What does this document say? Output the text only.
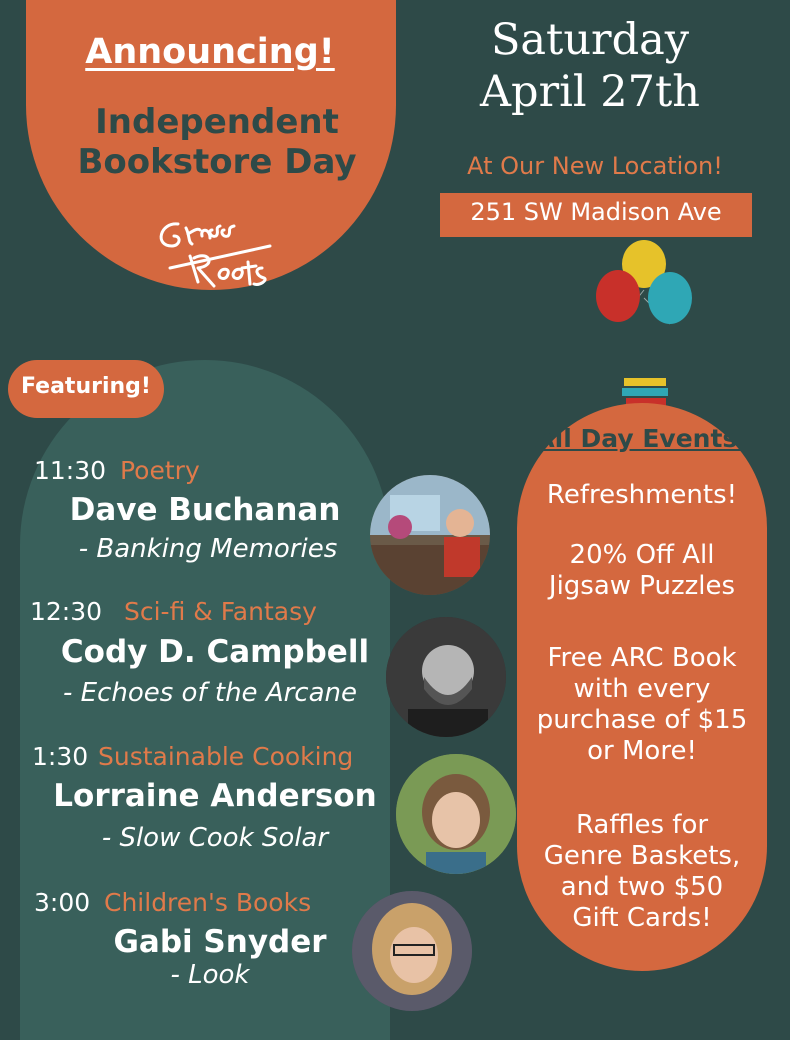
Announcing!
Independent
Bookstore Day
Saturday
April 27th
At Our New Location!
251 SW Madison Ave
Featuring!
11:30 Poetry
Dave Buchanan
- Banking Memories
12:30 Sci-fi & Fantasy
Cody D. Campbell
- Echoes of the Arcane
1:30 Sustainable Cooking
Lorraine Anderson
- Slow Cook Solar
3:00 Children's Books
Gabi Snyder
- Look
All Day Events!
Refreshments!
20% Off All
Jigsaw Puzzles
Free ARC Book
with every
purchase of $15
or More!
Raffles for
Genre Baskets,
and two $50
Gift Cards!
